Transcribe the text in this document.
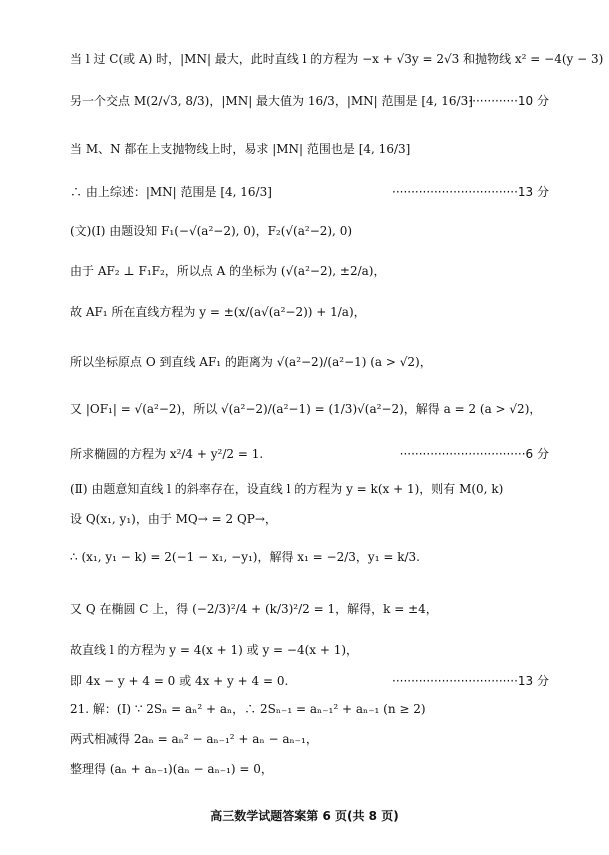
当 l 过 C(或 A) 时，|MN| 最大，此时直线 l 的方程为 −x + √3y = 2√3 和抛物线 x² = −4(y − 3)
另一个交点 M(2/√3, 8/3)，|MN| 最大值为 16/3，|MN| 范围是 [4, 16/3]
··············10 分
当 M、N 都在上支抛物线上时，易求 |MN| 范围也是 [4, 16/3]
∴ 由上综述：|MN| 范围是 [4, 16/3]	·································13 分
(文)(Ⅰ) 由题设知 F₁(−√(a²−2), 0)，F₂(√(a²−2), 0)
由于 AF₂ ⊥ F₁F₂，所以点 A 的坐标为 (√(a²−2), ±2/a)，
故 AF₁ 所在直线方程为 y = ±(x/(a√(a²−2)) + 1/a)，
所以坐标原点 O 到直线 AF₁ 的距离为 √(a²−2)/(a²−1) (a > √2)，
又 |OF₁| = √(a²−2)，所以 √(a²−2)/(a²−1) = (1/3)√(a²−2)，解得 a = 2 (a > √2)，
所求椭圆的方程为 x²/4 + y²/2 = 1.	·································6 分
(Ⅱ) 由题意知直线 l 的斜率存在，设直线 l 的方程为 y = k(x + 1)，则有 M(0, k)
设 Q(x₁, y₁)，由于 MQ→ = 2 QP→，
∴ (x₁, y₁ − k) = 2(−1 − x₁, −y₁)，解得 x₁ = −2/3，y₁ = k/3.
又 Q 在椭圆 C 上，得 (−2/3)²/4 + (k/3)²/2 = 1，解得，k = ±4，
故直线 l 的方程为 y = 4(x + 1) 或 y = −4(x + 1)，
即 4x − y + 4 = 0 或 4x + y + 4 = 0.	·································13 分
21. 解：(Ⅰ) ∵ 2Sₙ = aₙ² + aₙ，∴ 2Sₙ₋₁ = aₙ₋₁² + aₙ₋₁ (n ≥ 2)
两式相减得 2aₙ = aₙ² − aₙ₋₁² + aₙ − aₙ₋₁，
整理得 (aₙ + aₙ₋₁)(aₙ − aₙ₋₁) = 0，
高三数学试题答案第 6 页(共 8 页)
